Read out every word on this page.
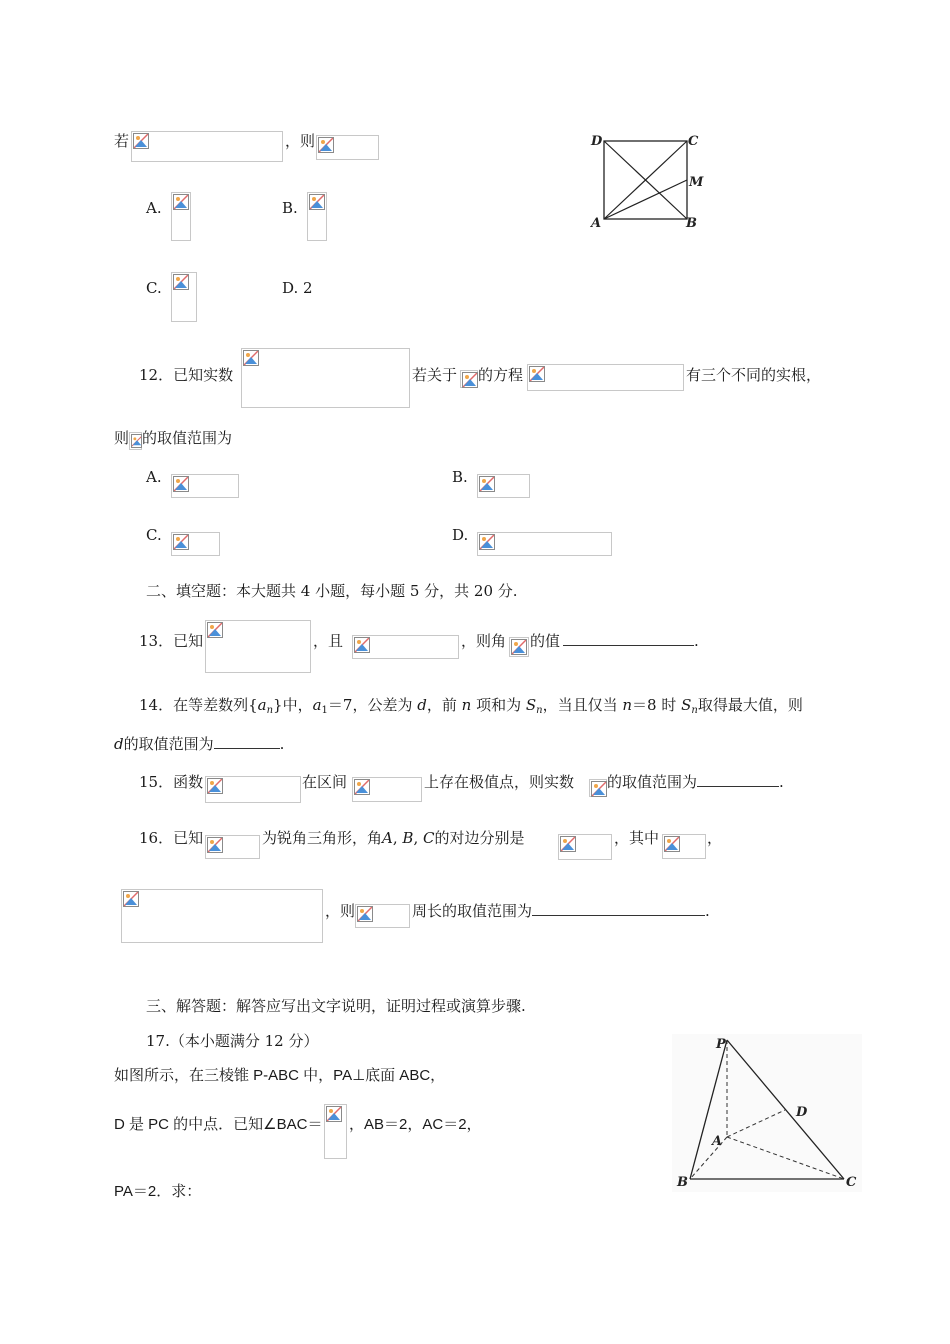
若	，则
A.	B.
C.	D. 2
D	C
M
A	B
12．已知实数	若关于 的方程	有三个不同的实根，
则 的取值范围为
A.	B.
C.	D.
二、填空题：本大题共 4 小题，每小题 5 分，共 20 分.
13．已知	，且	，则角 的值	.
14．在等差数列$\{a_n\}$中，$a_1=7$，公差为 d，前 n 项和为 $S_n$，当且仅当 n＝8 时 $S_n$取得最大值，则
d的取值范围为	.
15．函数	在区间	上存在极值点，则实数 的取值范围为	.
16．已知	为锐角三角形，角A, B, C的对边分别是	，其中	，
，则	周长的取值范围为	.
三、解答题：解答应写出文字说明，证明过程或演算步骤.
17.（本小题满分 12 分）
如图所示，在三棱锥 P-ABC 中，PA⊥底面 ABC，
D 是 PC 的中点．已知∠BAC＝ ，AB＝2，AC＝2，
PA＝2．求：
P
D
A
B	C
